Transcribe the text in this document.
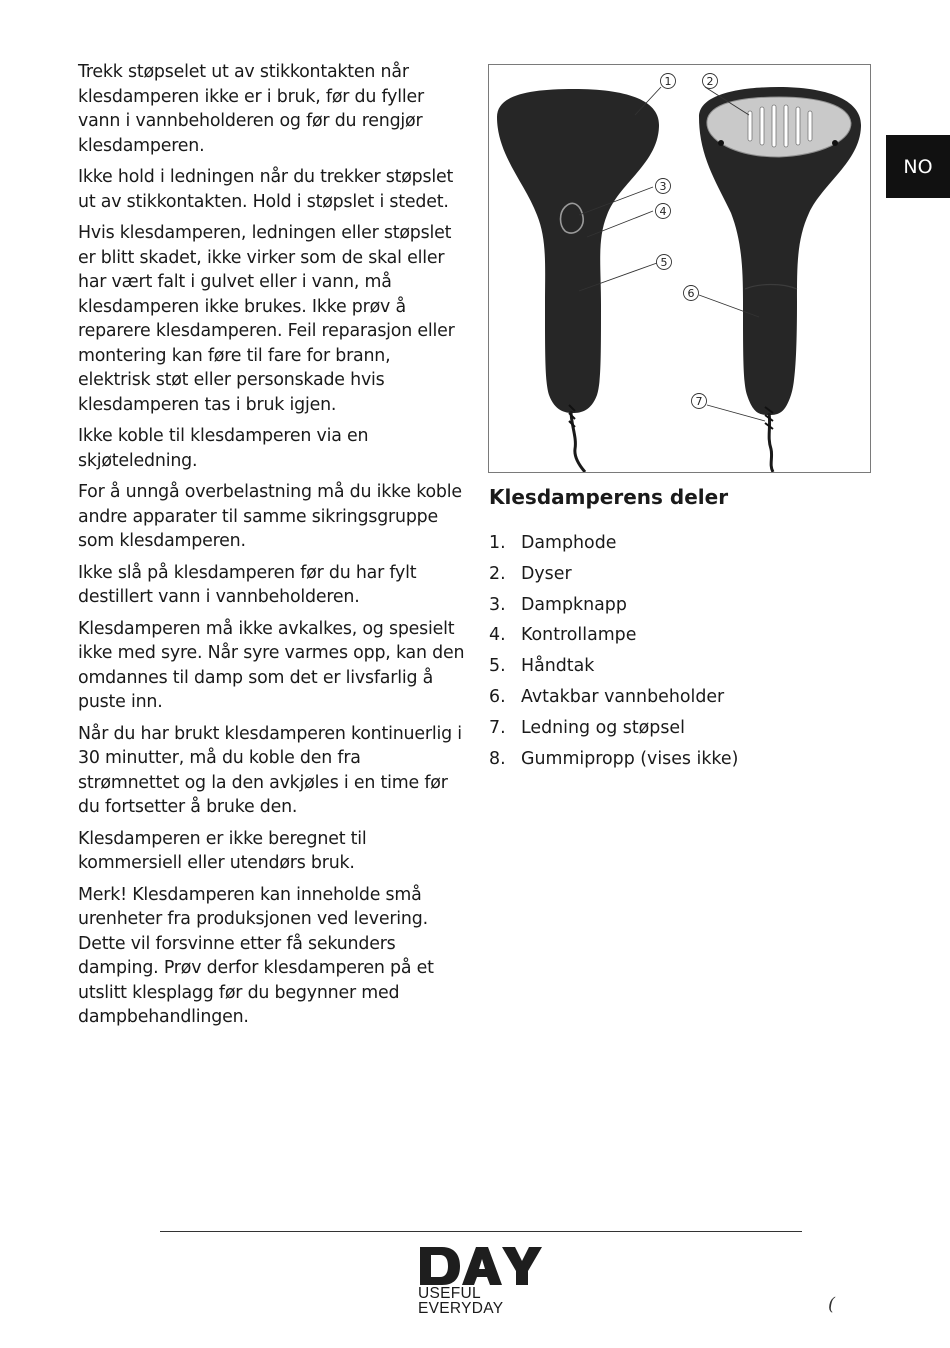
Trekk støpselet ut av stikkontakten når klesdamperen ikke er i bruk, før du fyller vann i vannbeholderen og før du rengjør klesdamperen.

Ikke hold i ledningen når du trekker støpslet ut av stikkontakten. Hold i støpslet i stedet.

Hvis klesdamperen, ledningen eller støpslet er blitt skadet, ikke virker som de skal eller har vært falt i gulvet eller i vann, må klesdamperen ikke brukes. Ikke prøv å reparere klesdamperen. Feil reparasjon eller montering kan føre til fare for brann, elektrisk støt eller personskade hvis klesdamperen tas i bruk igjen.

Ikke koble til klesdamperen via en skjøteledning.

For å unngå overbelastning må du ikke koble andre apparater til samme sikringsgruppe som klesdamperen.

Ikke slå på klesdamperen før du har fylt destillert vann i vannbeholderen.

Klesdamperen må ikke avkalkes, og spesielt ikke med syre. Når syre varmes opp, kan den omdannes til damp som det er livsfarlig å puste inn.

Når du har brukt klesdamperen kontinuerlig i 30 minutter, må du koble den fra strømnettet og la den avkjøles i en time før du fortsetter å bruke den.

Klesdamperen er ikke beregnet til kommersiell eller utendørs bruk.

Merk! Klesdamperen kan inneholde små urenheter fra produksjonen ved levering. Dette vil forsvinne etter få sekunders damping. Prøv derfor klesdamperen på et utslitt klesplagg før du begynner med dampbehandlingen.

1	2
3
4
5
6
7
Klesdamperens deler
1. Damphode
2. Dyser
3. Dampknapp
4. Kontrollampe
5. Håndtak
6. Avtakbar vannbeholder
7. Ledning og støpsel
8. Gummipropp (vises ikke)
NO
USEFUL
EVERYDAY	(
